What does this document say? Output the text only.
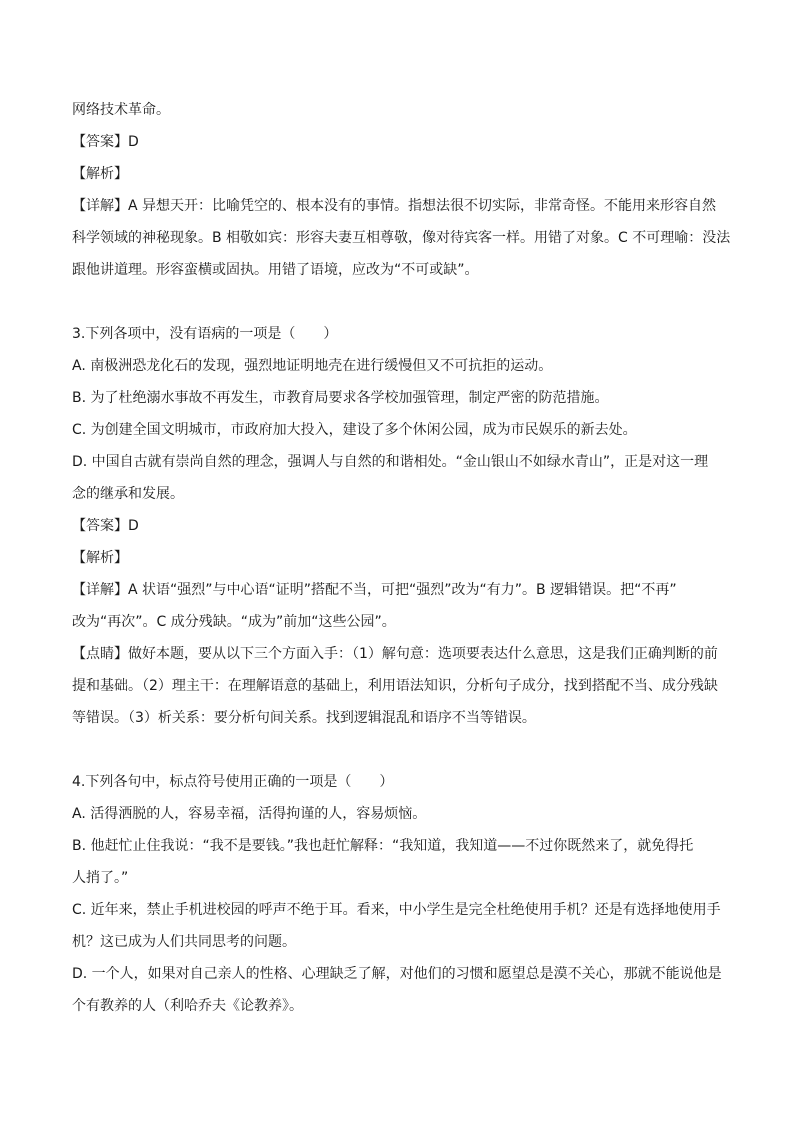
网络技术革命。
【答案】D
【解析】
【详解】A 异想天开：比喻凭空的、根本没有的事情。指想法很不切实际，非常奇怪。不能用来形容自然
科学领域的神秘现象。B 相敬如宾：形容夫妻互相尊敬，像对待宾客一样。用错了对象。C 不可理喻：没法
跟他讲道理。形容蛮横或固执。用错了语境，应改为“不可或缺”。
3.下列各项中，没有语病的一项是（　　）
A. 南极洲恐龙化石的发现，强烈地证明地壳在进行缓慢但又不可抗拒的运动。
B. 为了杜绝溺水事故不再发生，市教育局要求各学校加强管理，制定严密的防范措施。
C. 为创建全国文明城市，市政府加大投入，建设了多个休闲公园，成为市民娱乐的新去处。
D. 中国自古就有崇尚自然的理念，强调人与自然的和谐相处。“金山银山不如绿水青山”，正是对这一理
念的继承和发展。
【答案】D
【解析】
【详解】A 状语“强烈”与中心语“证明”搭配不当，可把“强烈”改为“有力”。B 逻辑错误。把“不再”
改为“再次”。C 成分残缺。“成为”前加“这些公园”。
【点睛】做好本题，要从以下三个方面入手：（1）解句意：选项要表达什么意思，这是我们正确判断的前
提和基础。（2）理主干：在理解语意的基础上，利用语法知识，分析句子成分，找到搭配不当、成分残缺
等错误。（3）析关系：要分析句间关系。找到逻辑混乱和语序不当等错误。
4.下列各句中，标点符号使用正确的一项是（　　）
A. 活得洒脱的人，容易幸福，活得拘谨的人，容易烦恼。
B. 他赶忙止住我说：“我不是要钱。”我也赶忙解释：“我知道，我知道——不过你既然来了，就免得托
人捎了。”
C. 近年来，禁止手机进校园的呼声不绝于耳。看来，中小学生是完全杜绝使用手机？还是有选择地使用手
机？这已成为人们共同思考的问题。
D. 一个人，如果对自己亲人的性格、心理缺乏了解，对他们的习惯和愿望总是漠不关心，那就不能说他是
个有教养的人（利哈乔夫《论教养》。
